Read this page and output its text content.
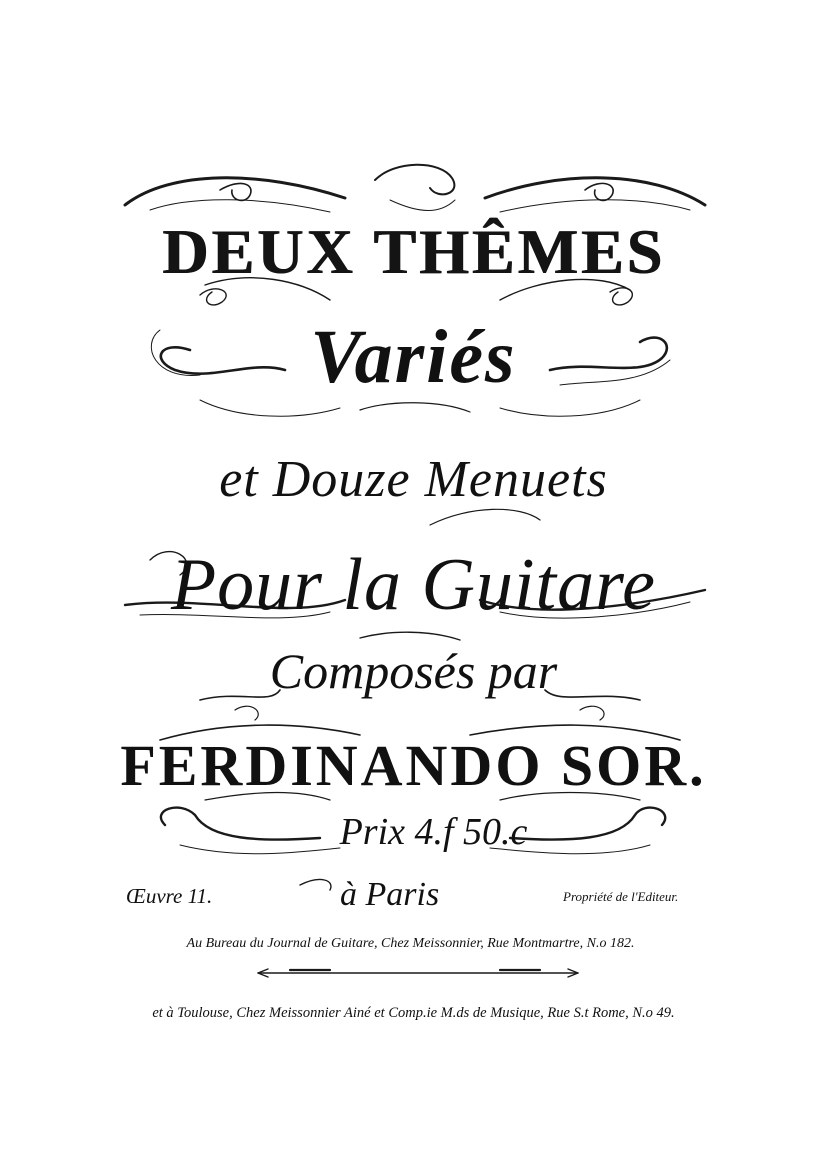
DEUX THÊMES
Variés
et Douze Menuets
Pour la Guitare
Composés par
FERDINANDO SOR.
Prix 4.f 50.c
Œuvre 11.	à Paris	Propriété de l'Editeur.
Au Bureau du Journal de Guitare, Chez Meissonnier, Rue Montmartre, N.o 182.
et à Toulouse, Chez Meissonnier Ainé et Comp.ie M.ds de Musique, Rue S.t Rome, N.o 49.
